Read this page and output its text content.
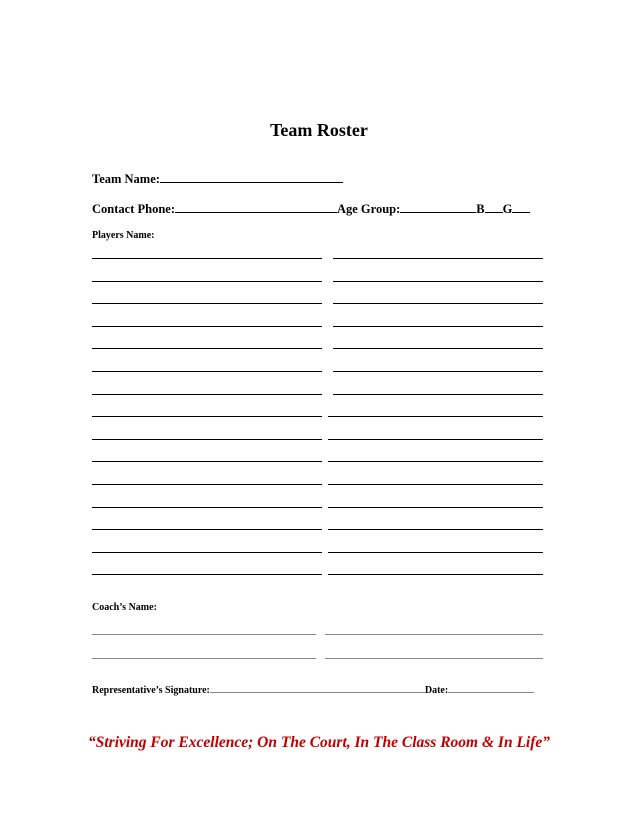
Team Roster
Team Name:
Contact Phone:	Age Group:	B G
Players Name:
Coach’s Name:
Representative’s Signature:	Date:
“Striving For Excellence; On The Court, In The Class Room & In Life”
